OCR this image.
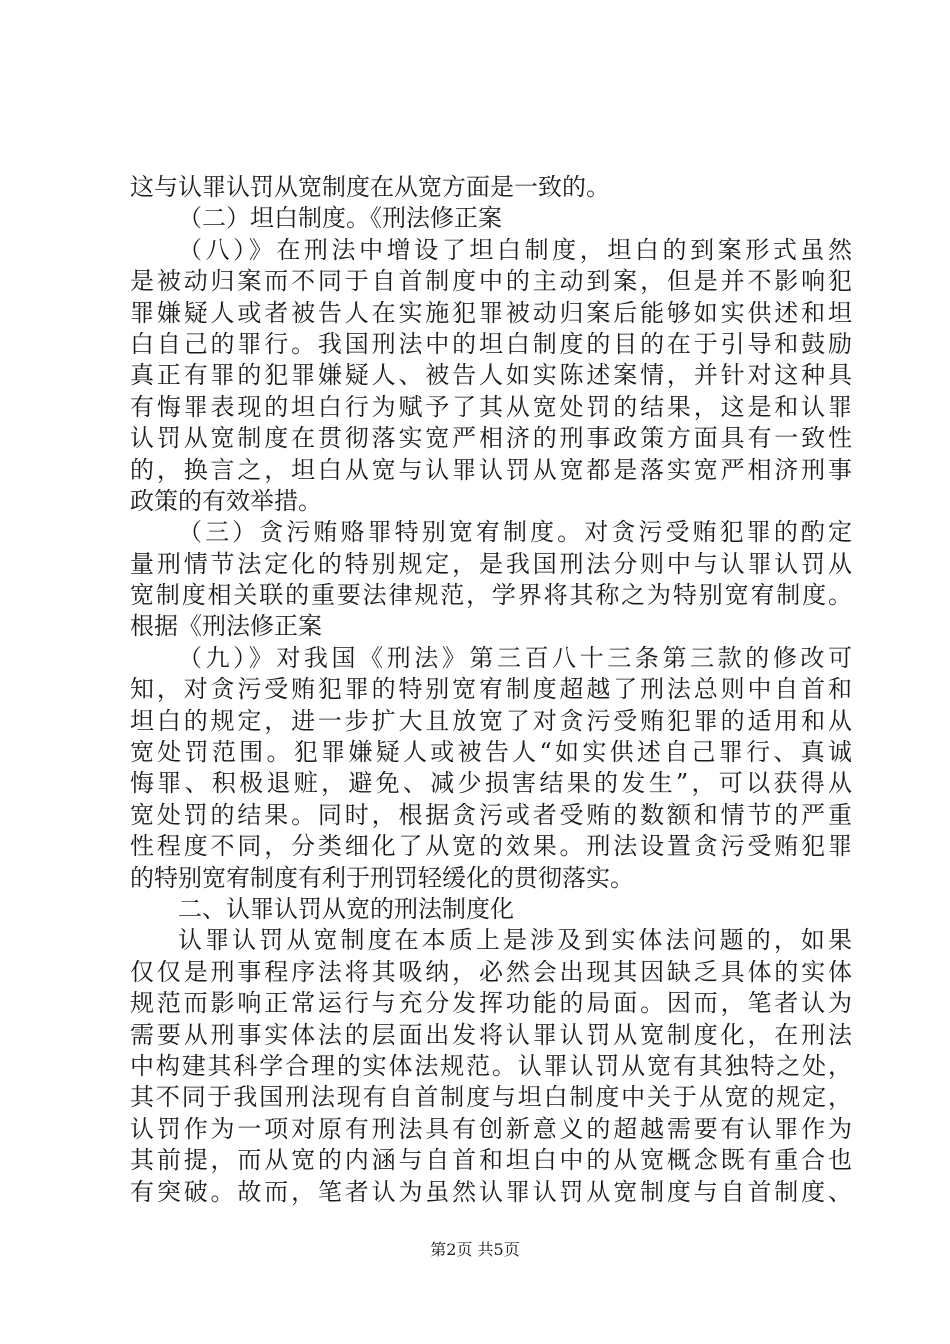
这与认罪认罚从宽制度在从宽方面是一致的。
（二）坦白制度。《刑法修正案
（八）》在刑法中增设了坦白制度，坦白的到案形式虽然
是被动归案而不同于自首制度中的主动到案，但是并不影响犯
罪嫌疑人或者被告人在实施犯罪被动归案后能够如实供述和坦
白自己的罪行。我国刑法中的坦白制度的目的在于引导和鼓励
真正有罪的犯罪嫌疑人、被告人如实陈述案情，并针对这种具
有悔罪表现的坦白行为赋予了其从宽处罚的结果，这是和认罪
认罚从宽制度在贯彻落实宽严相济的刑事政策方面具有一致性
的，换言之，坦白从宽与认罪认罚从宽都是落实宽严相济刑事
政策的有效举措。
（三）贪污贿赂罪特别宽宥制度。对贪污受贿犯罪的酌定
量刑情节法定化的特别规定，是我国刑法分则中与认罪认罚从
宽制度相关联的重要法律规范，学界将其称之为特别宽宥制度。
根据《刑法修正案
（九）》对我国《刑法》第三百八十三条第三款的修改可
知，对贪污受贿犯罪的特别宽宥制度超越了刑法总则中自首和
坦白的规定，进一步扩大且放宽了对贪污受贿犯罪的适用和从
宽处罚范围。犯罪嫌疑人或被告人“如实供述自己罪行、真诚
悔罪、积极退赃，避免、减少损害结果的发生”，可以获得从
宽处罚的结果。同时，根据贪污或者受贿的数额和情节的严重
性程度不同，分类细化了从宽的效果。刑法设置贪污受贿犯罪
的特别宽宥制度有利于刑罚轻缓化的贯彻落实。
二、认罪认罚从宽的刑法制度化
认罪认罚从宽制度在本质上是涉及到实体法问题的，如果
仅仅是刑事程序法将其吸纳，必然会出现其因缺乏具体的实体
规范而影响正常运行与充分发挥功能的局面。因而，笔者认为
需要从刑事实体法的层面出发将认罪认罚从宽制度化，在刑法
中构建其科学合理的实体法规范。认罪认罚从宽有其独特之处，
其不同于我国刑法现有自首制度与坦白制度中关于从宽的规定，
认罚作为一项对原有刑法具有创新意义的超越需要有认罪作为
其前提，而从宽的内涵与自首和坦白中的从宽概念既有重合也
有突破。故而，笔者认为虽然认罪认罚从宽制度与自首制度、
第2页 共5页
